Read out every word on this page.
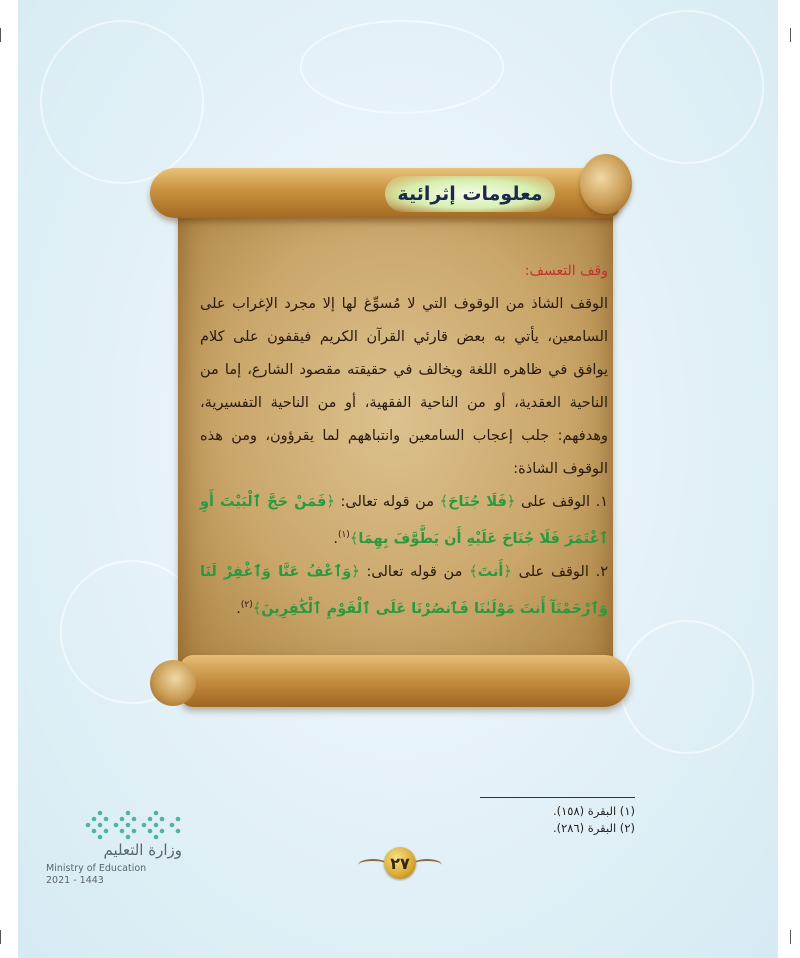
معلومات إثرائية

وقف التعسف:

الوقف الشاذ من الوقوف التي لا مُسوِّغ لها إلا مجرد الإغراب على السامعين، يأتي به بعض قارئي القرآن الكريم فيقفون على كلام يوافق في ظاهره اللغة ويخالف في حقيقته مقصود الشارع، إما من الناحية العقدية، أو من الناحية الفقهية، أو من الناحية التفسيرية، وهدفهم: جلب إعجاب السامعين وانتباههم لما يقرؤون، ومن هذه الوقوف الشاذة:

١. الوقف على ﴿فَلَا جُنَاحَ﴾ من قوله تعالى: ﴿فَمَنْ حَجَّ ٱلْبَيْتَ أَوِ ٱعْتَمَرَ فَلَا جُنَاحَ عَلَيْهِ أَن يَطَّوَّفَ بِهِمَا﴾$^{(١)}$.

٢. الوقف على ﴿أَنتَ﴾ من قوله تعالى: ﴿وَٱعْفُ عَنَّا وَٱغْفِرْ لَنَا وَٱرْحَمْنَآ أَنتَ مَوْلَىٰنَا فَٱنصُرْنَا عَلَى ٱلْقَوْمِ ٱلْكَٰفِرِينَ﴾$^{(٢)}$.

(١) البقرة (١٥٨).

(٢) البقرة (٢٨٦).

٢٧
وزارة التعليم
Ministry of Education
2021 - 1443
